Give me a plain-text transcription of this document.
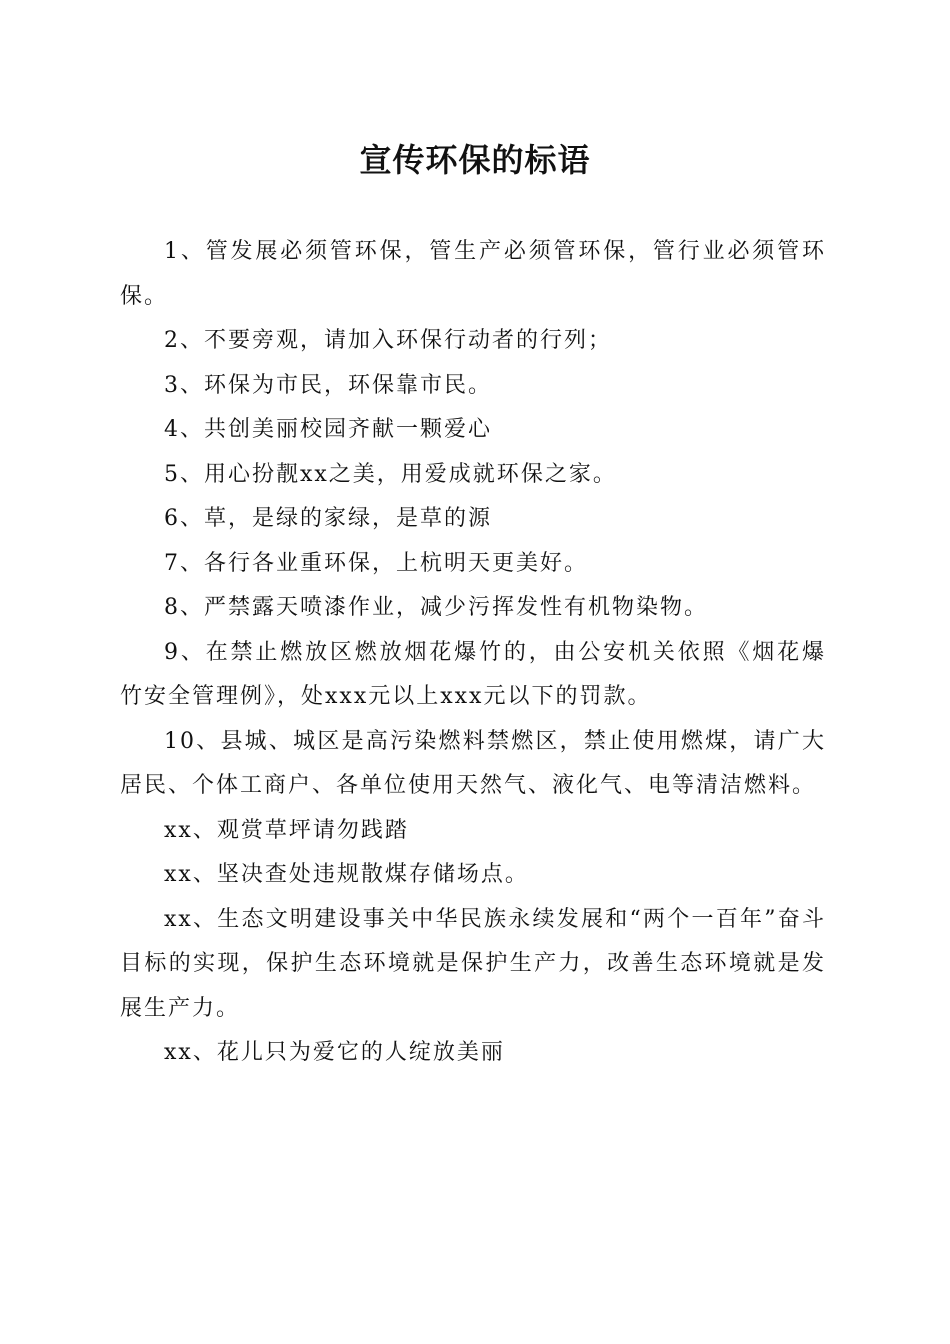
宣传环保的标语

1、管发展必须管环保，管生产必须管环保，管行业必须管环保。

2、不要旁观，请加入环保行动者的行列；

3、环保为市民，环保靠市民。

4、共创美丽校园齐献一颗爱心

5、用心扮靓xx之美，用爱成就环保之家。

6、草，是绿的家绿，是草的源

7、各行各业重环保，上杭明天更美好。

8、严禁露天喷漆作业，减少污挥发性有机物染物。

9、在禁止燃放区燃放烟花爆竹的，由公安机关依照《烟花爆竹安全管理例》，处xxx元以上xxx元以下的罚款。

10、县城、城区是高污染燃料禁燃区，禁止使用燃煤，请广大居民、个体工商户、各单位使用天然气、液化气、电等清洁燃料。

xx、观赏草坪请勿践踏

xx、坚决查处违规散煤存储场点。

xx、生态文明建设事关中华民族永续发展和“两个一百年”奋斗目标的实现，保护生态环境就是保护生产力，改善生态环境就是发展生产力。

xx、花儿只为爱它的人绽放美丽
